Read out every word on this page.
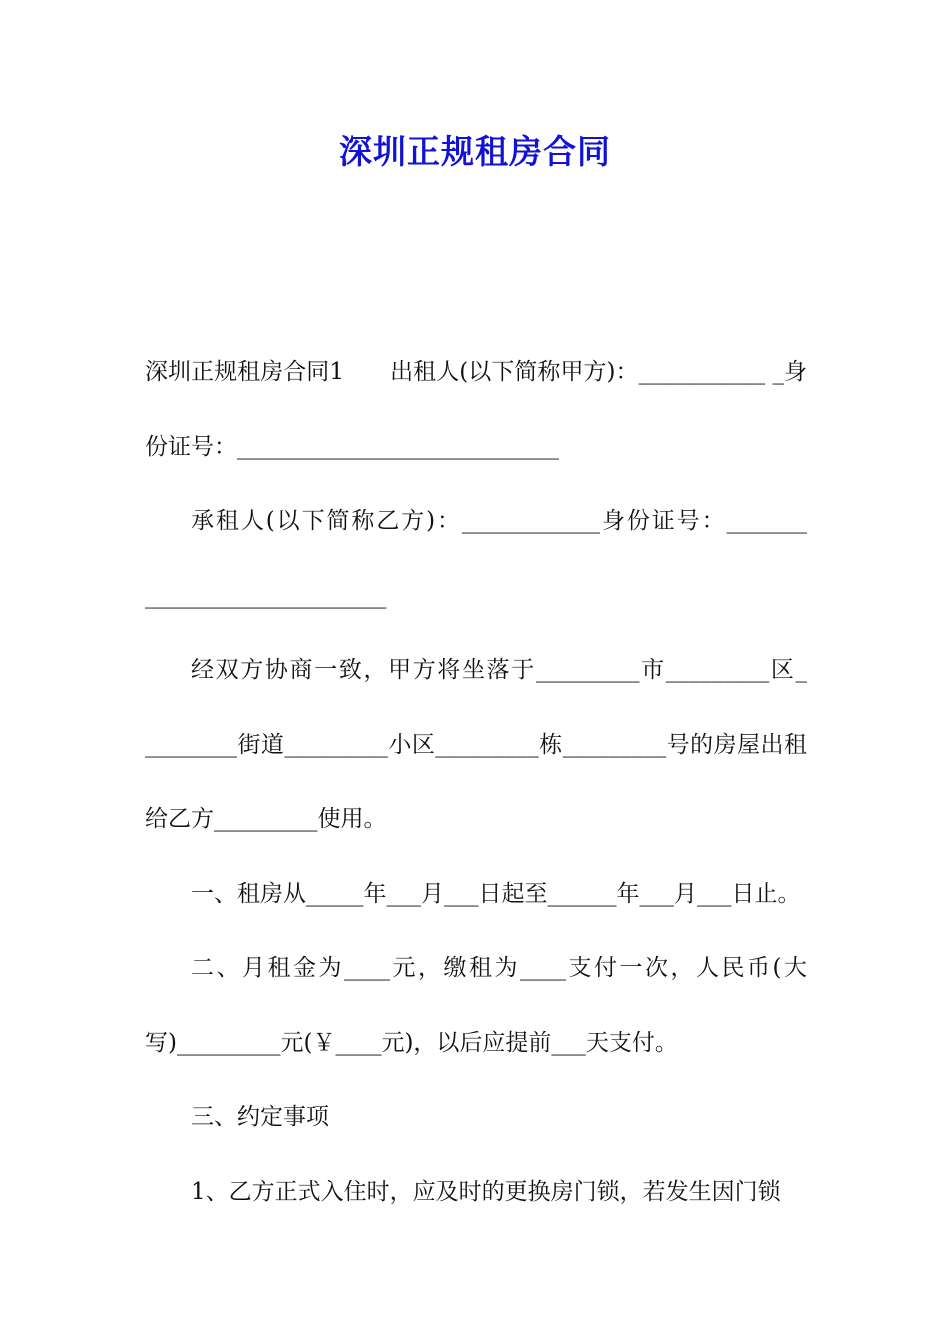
深圳正规租房合同

深圳正规租房合同1　　出租人(以下简称甲方)：___________ _身份证号：____________________________

承租人(以下简称乙方)：____________身份证号：_______ _____________________

经双方协商一致，甲方将坐落于_________市_________区_ ________街道_________小区_________栋_________号的房屋出租给乙方_________使用。

一、租房从_____年___月___日起至______年___月___日止。

二、月租金为____元，缴租为____支付一次，人民币(大写)_________元(￥____元)，以后应提前___天支付。

三、约定事项

1、乙方正式入住时，应及时的更换房门锁，若发生因门锁
